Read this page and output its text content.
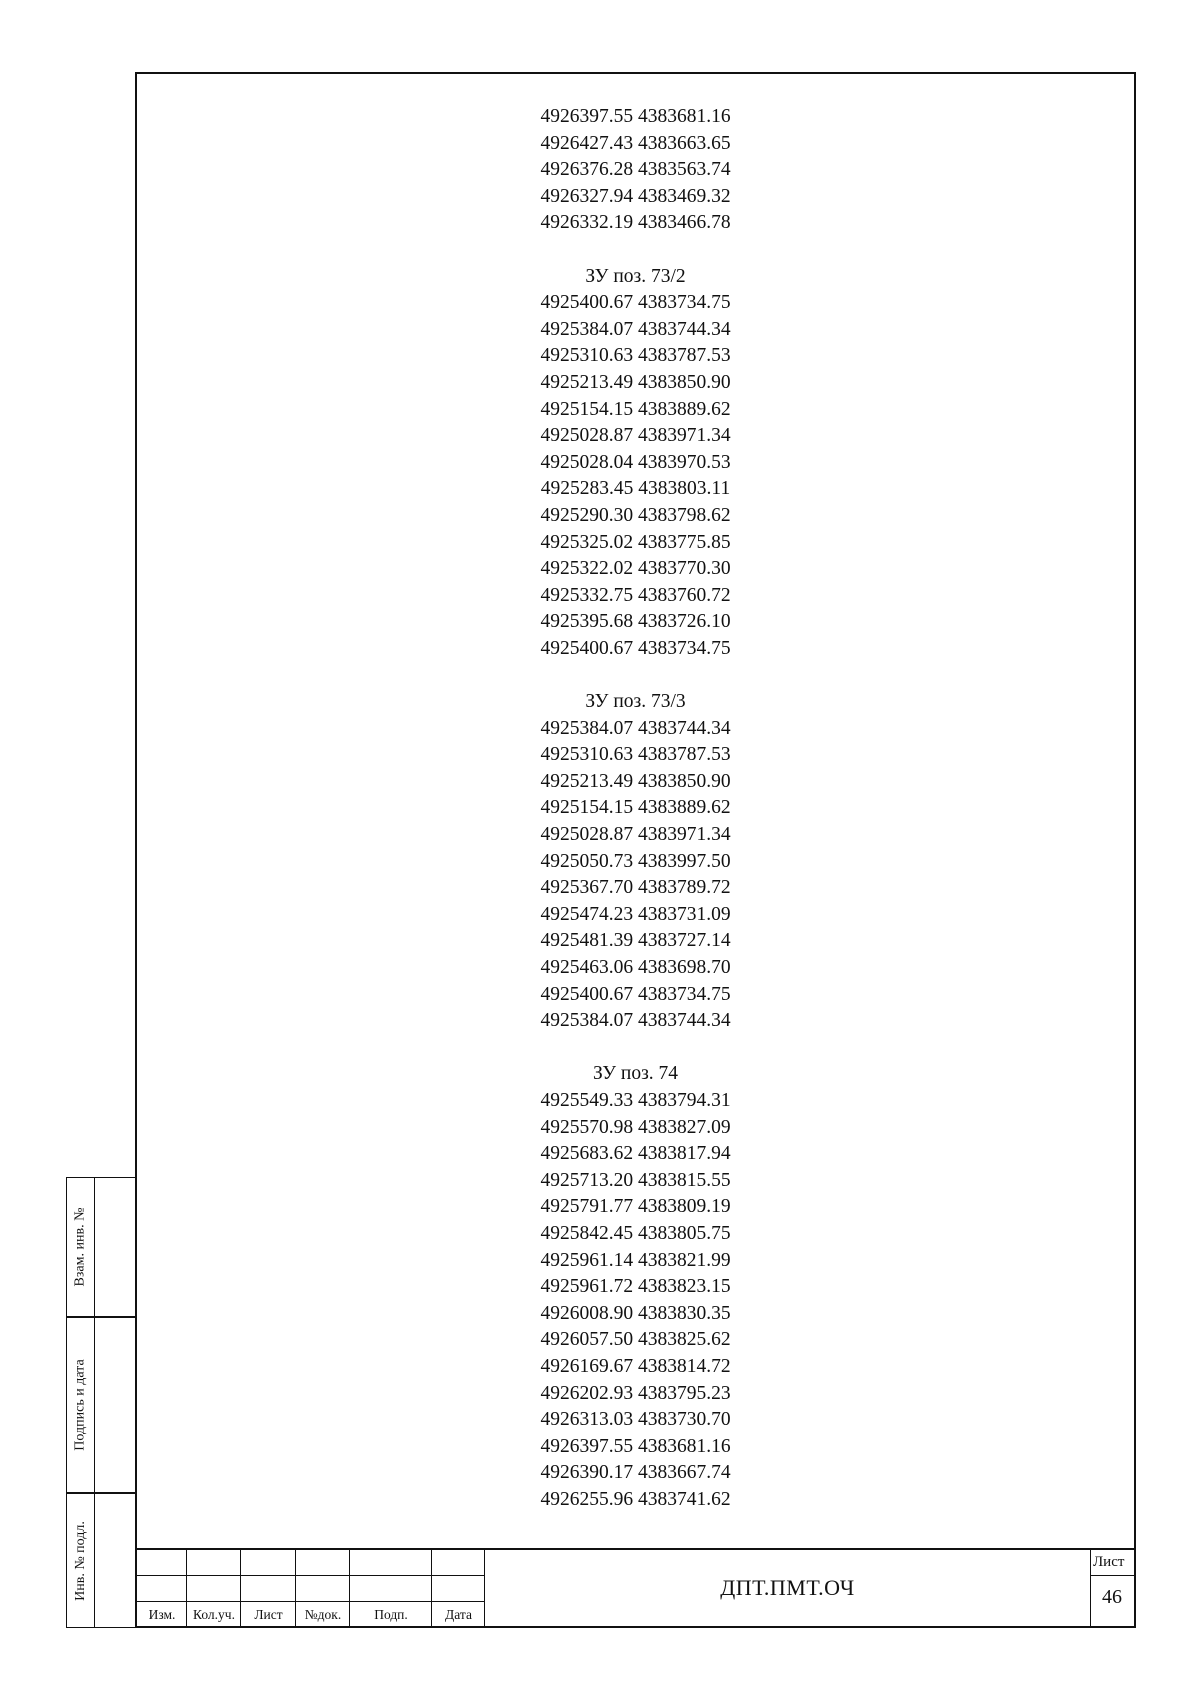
4926397.55 4383681.16
4926427.43 4383663.65
4926376.28 4383563.74
4926327.94 4383469.32
4926332.19 4383466.78
ЗУ поз. 73/2
4925400.67 4383734.75
4925384.07 4383744.34
4925310.63 4383787.53
4925213.49 4383850.90
4925154.15 4383889.62
4925028.87 4383971.34
4925028.04 4383970.53
4925283.45 4383803.11
4925290.30 4383798.62
4925325.02 4383775.85
4925322.02 4383770.30
4925332.75 4383760.72
4925395.68 4383726.10
4925400.67 4383734.75
ЗУ поз. 73/3
4925384.07 4383744.34
4925310.63 4383787.53
4925213.49 4383850.90
4925154.15 4383889.62
4925028.87 4383971.34
4925050.73 4383997.50
4925367.70 4383789.72
4925474.23 4383731.09
4925481.39 4383727.14
4925463.06 4383698.70
4925400.67 4383734.75
4925384.07 4383744.34
ЗУ поз. 74
4925549.33 4383794.31
4925570.98 4383827.09
4925683.62 4383817.94
4925713.20 4383815.55
4925791.77 4383809.19
4925842.45 4383805.75
4925961.14 4383821.99
4925961.72 4383823.15
4926008.90 4383830.35
4926057.50 4383825.62
4926169.67 4383814.72
4926202.93 4383795.23
4926313.03 4383730.70
4926397.55 4383681.16
4926390.17 4383667.74
4926255.96 4383741.62
Изм.	Кол.уч.	Лист	№док.	Подп.	Дата
ДПТ.ПМТ.ОЧ
Лист
46
Взам. инв. №
Подпись и дата
Инв. № подл.
